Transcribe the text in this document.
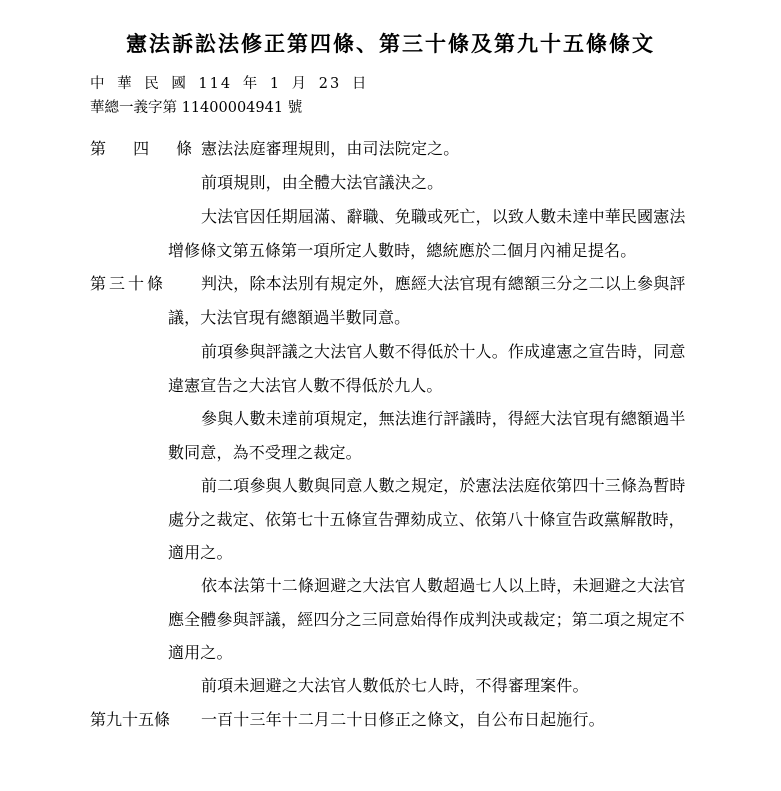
憲法訴訟法修正第四條、第三十條及第九十五條條文
中 華 民 國 114 年 1 月 23 日
華總一義字第 11400004941 號
第 四 條
憲法法庭審理規則，由司法院定之。
前項規則，由全體大法官議決之。
大法官因任期屆滿、辭職、免職或死亡，以致人數未達中華民國憲法
增修條文第五條第一項所定人數時，總統應於二個月內補足提名。
第三十條 判決，除本法別有規定外，應經大法官現有總額三分之二以上參與評
議，大法官現有總額過半數同意。
前項參與評議之大法官人數不得低於十人。作成違憲之宣告時，同意
違憲宣告之大法官人數不得低於九人。
參與人數未達前項規定，無法進行評議時，得經大法官現有總額過半
數同意，為不受理之裁定。
前二項參與人數與同意人數之規定，於憲法法庭依第四十三條為暫時
處分之裁定、依第七十五條宣告彈劾成立、依第八十條宣告政黨解散時，
適用之。
依本法第十二條迴避之大法官人數超過七人以上時，未迴避之大法官
應全體參與評議，經四分之三同意始得作成判決或裁定；第二項之規定不
適用之。
前項未迴避之大法官人數低於七人時，不得審理案件。
第九十五條 一百十三年十二月二十日修正之條文，自公布日起施行。
